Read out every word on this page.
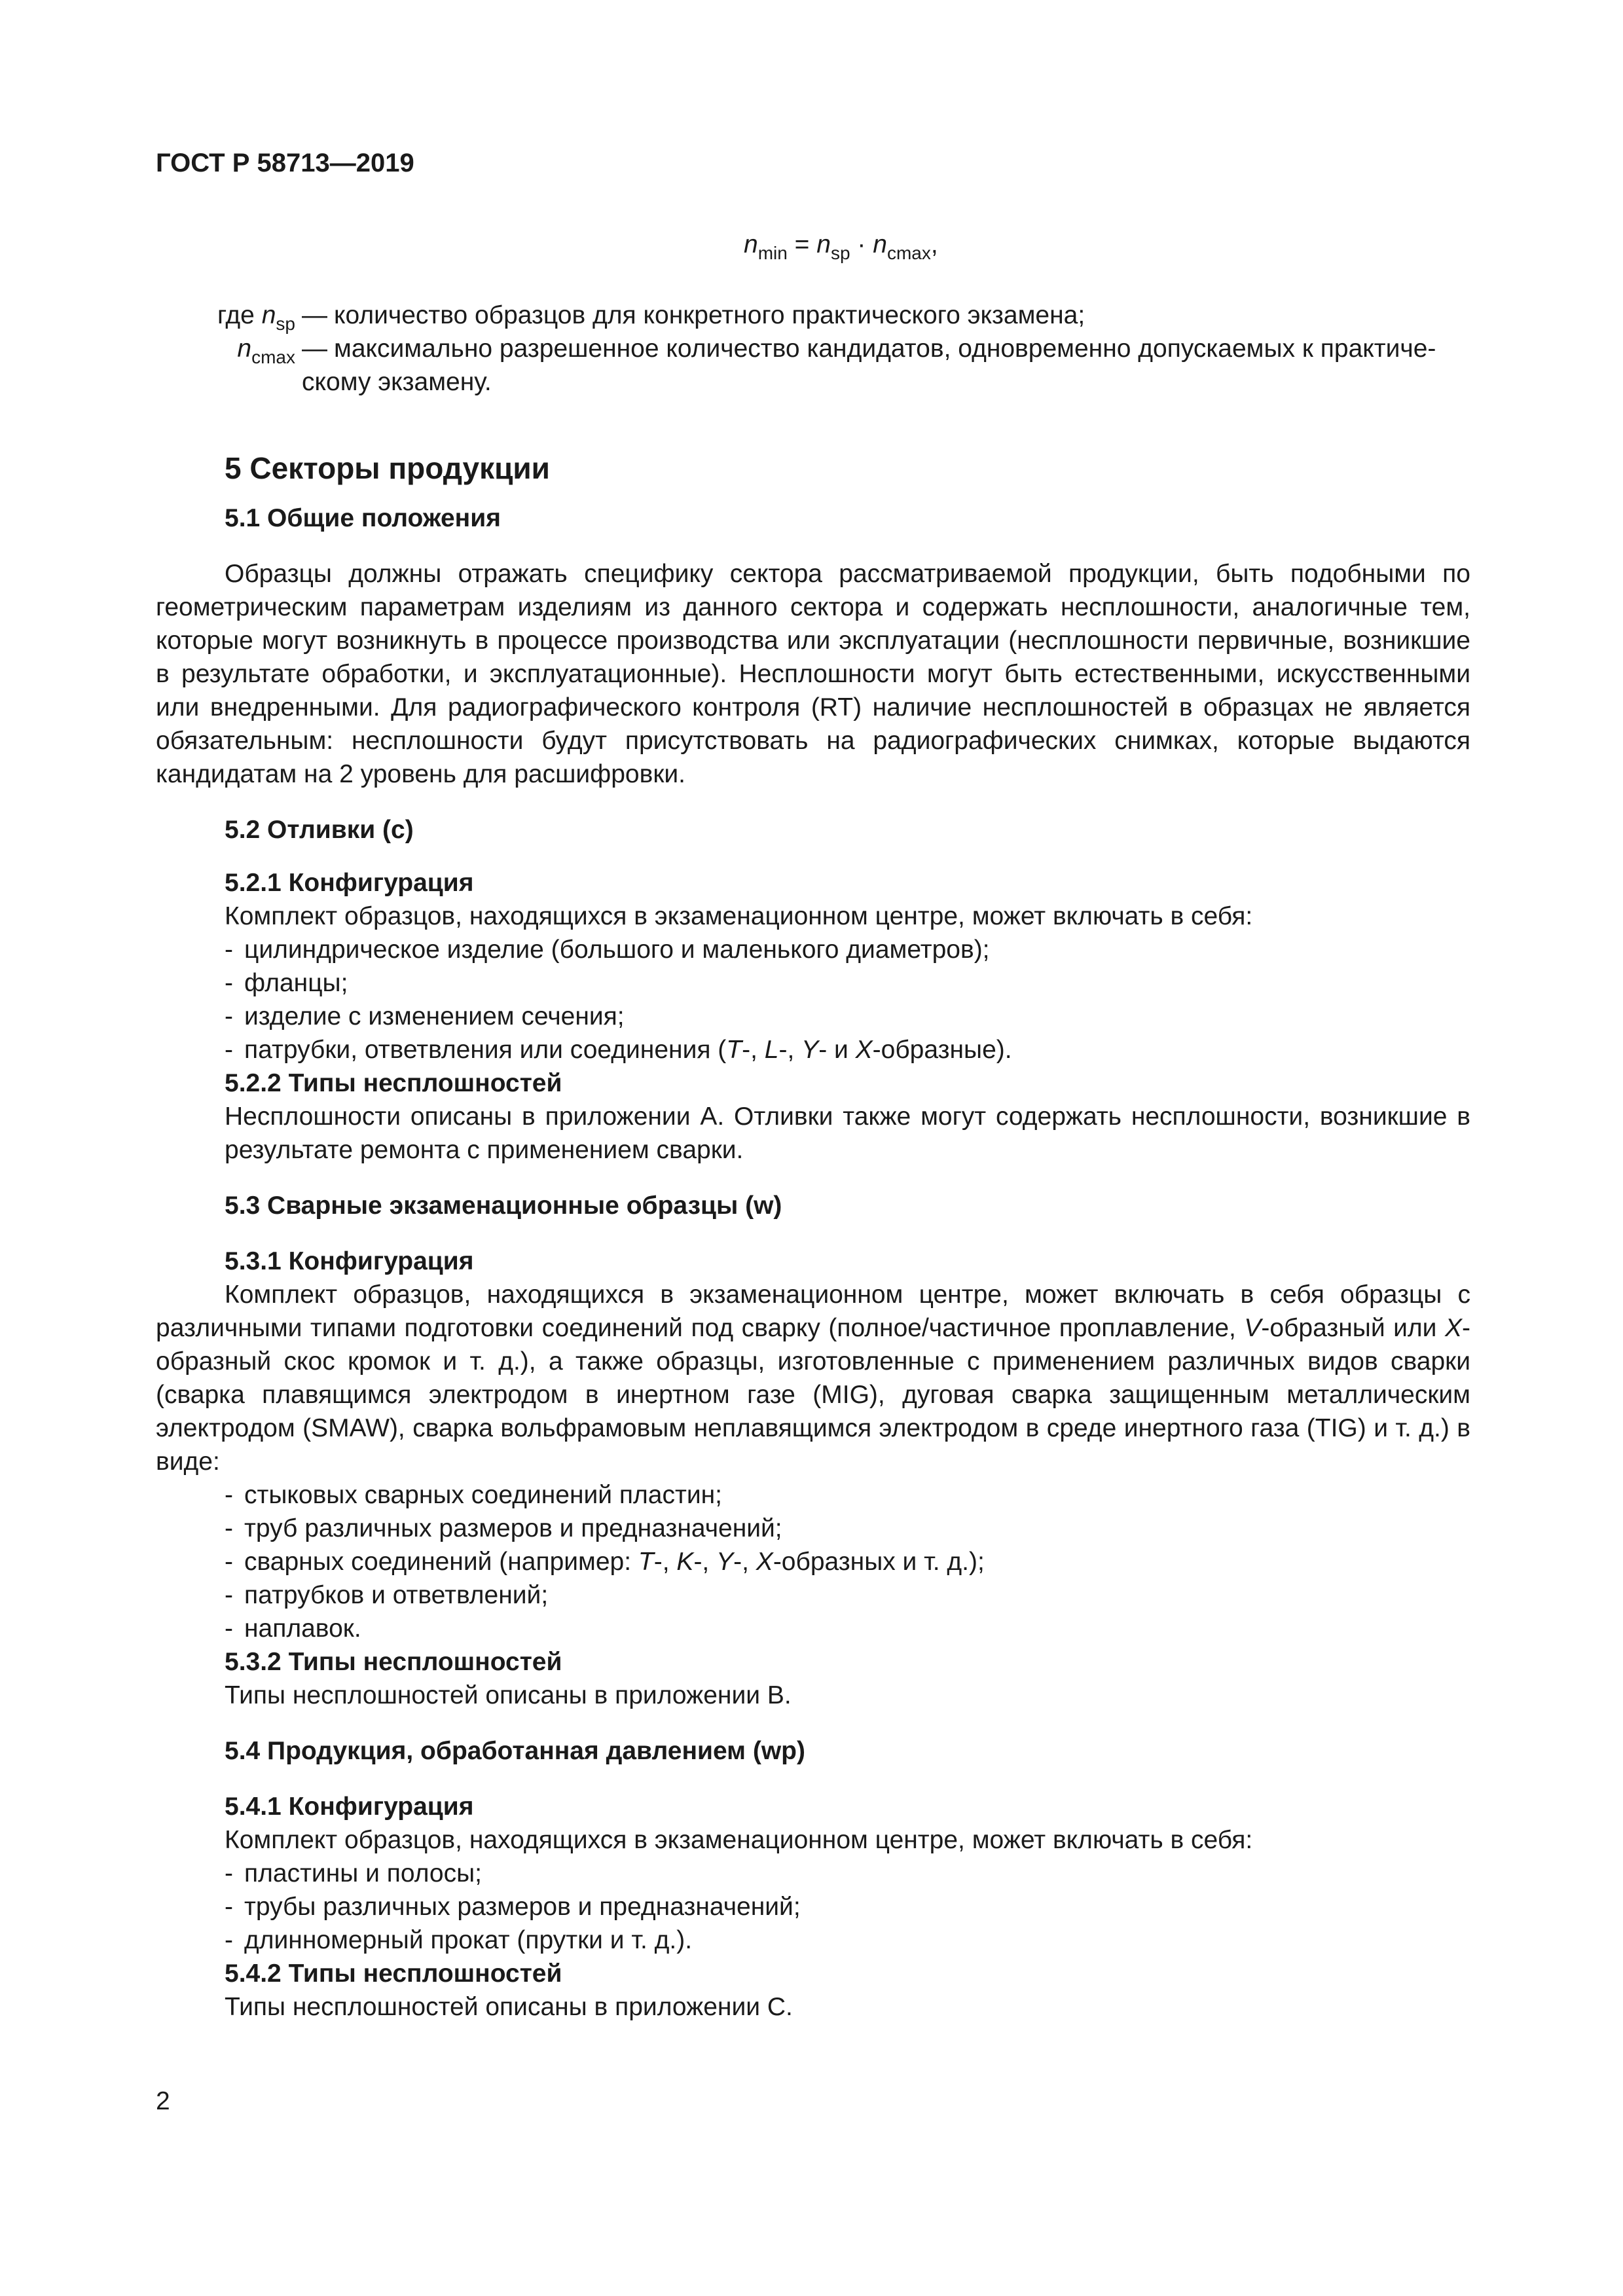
ГОСТ Р 58713—2019
$n_{min} = n_{sp} \cdot n_{cmax}$,
где $n_{sp}$ — количество образцов для конкретного практического экзамена;
$n_{cmax}$ — максимально разрешенное количество кандидатов, одновременно допускаемых к практическому экзамену.
5 Секторы продукции
5.1 Общие положения
Образцы должны отражать специфику сектора рассматриваемой продукции, быть подобными по геометрическим параметрам изделиям из данного сектора и содержать несплошности, аналогичные тем, которые могут возникнуть в процессе производства или эксплуатации (несплошности первичные, возникшие в результате обработки, и эксплуатационные). Несплошности могут быть естественными, искусственными или внедренными. Для радиографического контроля (RT) наличие несплошностей в образцах не является обязательным: несплошности будут присутствовать на радиографических снимках, которые выдаются кандидатам на 2 уровень для расшифровки.
5.2 Отливки (с)
5.2.1 Конфигурация
Комплект образцов, находящихся в экзаменационном центре, может включать в себя:
- цилиндрическое изделие (большого и маленького диаметров);
- фланцы;
- изделие с изменением сечения;
- патрубки, ответвления или соединения (T-, L-, Y- и X-образные).
5.2.2 Типы несплошностей
Несплошности описаны в приложении А. Отливки также могут содержать несплошности, возникшие в результате ремонта с применением сварки.
5.3 Сварные экзаменационные образцы (w)
5.3.1 Конфигурация
Комплект образцов, находящихся в экзаменационном центре, может включать в себя образцы с различными типами подготовки соединений под сварку (полное/частичное проплавление, V-образный или X-образный скос кромок и т. д.), а также образцы, изготовленные с применением различных видов сварки (сварка плавящимся электродом в инертном газе (MIG), дуговая сварка защищенным металлическим электродом (SMAW), сварка вольфрамовым неплавящимся электродом в среде инертного газа (TIG) и т. д.) в виде:
- стыковых сварных соединений пластин;
- труб различных размеров и предназначений;
- сварных соединений (например: T-, K-, Y-, X-образных и т. д.);
- патрубков и ответвлений;
- наплавок.
5.3.2 Типы несплошностей
Типы несплошностей описаны в приложении В.
5.4 Продукция, обработанная давлением (wp)
5.4.1 Конфигурация
Комплект образцов, находящихся в экзаменационном центре, может включать в себя:
- пластины и полосы;
- трубы различных размеров и предназначений;
- длинномерный прокат (прутки и т. д.).
5.4.2 Типы несплошностей
Типы несплошностей описаны в приложении С.
2
